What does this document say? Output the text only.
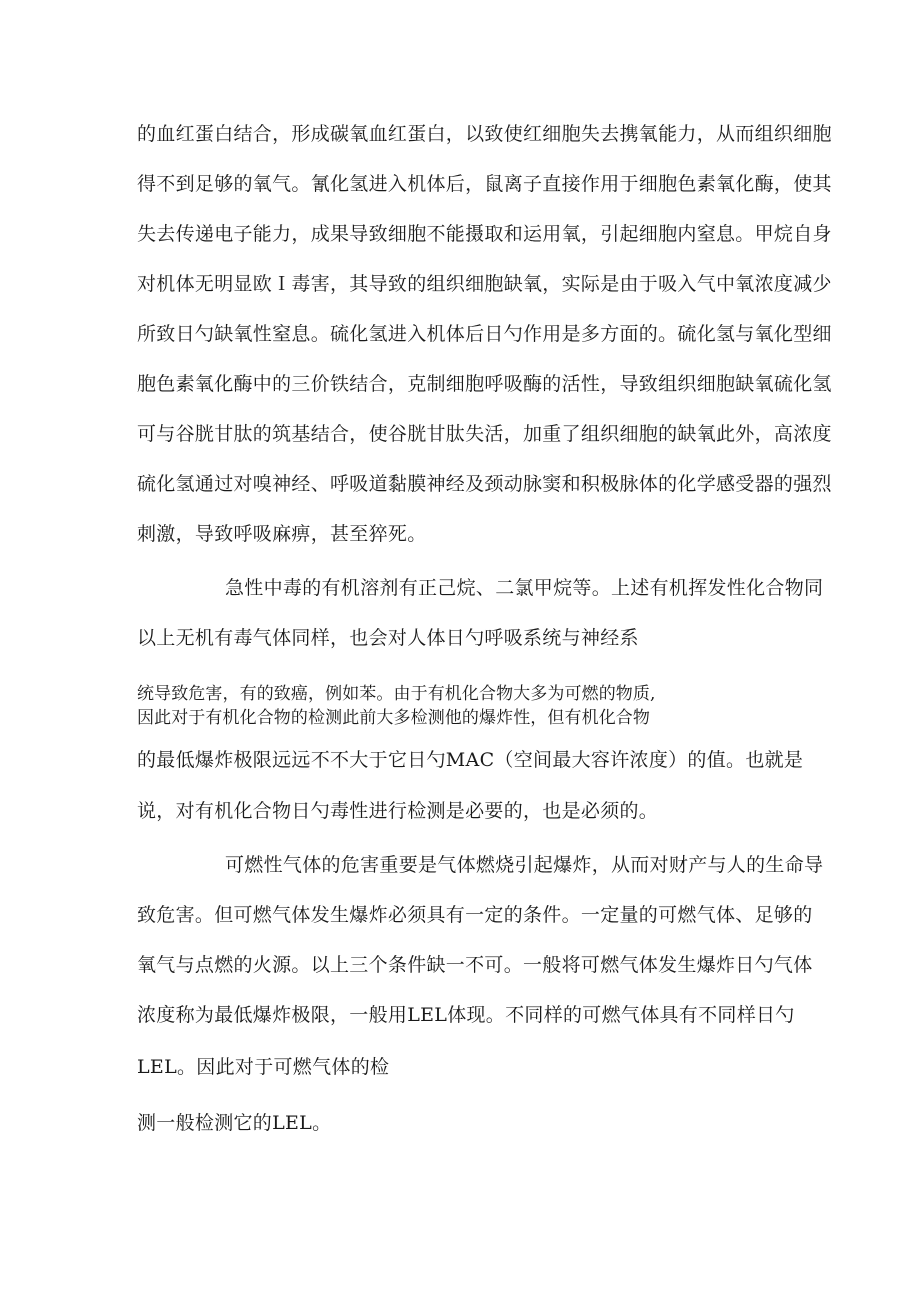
的血红蛋白结合，形成碳氧血红蛋白，以致使红细胞失去携氧能力，从而组织细胞
得不到足够的氧气。氰化氢进入机体后，鼠离子直接作用于细胞色素氧化酶，使其
失去传递电子能力，成果导致细胞不能摄取和运用氧，引起细胞内窒息。甲烷自身
对机体无明显欧Ｉ毒害，其导致的组织细胞缺氧，实际是由于吸入气中氧浓度减少
所致日勺缺氧性窒息。硫化氢进入机体后日勺作用是多方面的。硫化氢与氧化型细
胞色素氧化酶中的三价铁结合，克制细胞呼吸酶的活性，导致组织细胞缺氧硫化氢
可与谷胱甘肽的筑基结合，使谷胱甘肽失活，加重了组织细胞的缺氧此外，高浓度
硫化氢通过对嗅神经、呼吸道黏膜神经及颈动脉窦和积极脉体的化学感受器的强烈
刺激，导致呼吸麻痹，甚至猝死。
急性中毒的有机溶剂有正己烷、二氯甲烷等。上述有机挥发性化合物同
以上无机有毒气体同样，也会对人体日勺呼吸系统与神经系
统导致危害，有的致癌，例如苯。由于有机化合物大多为可燃的物质,
因此对于有机化合物的检测此前大多检测他的爆炸性，但有机化合物
的最低爆炸极限远远不不大于它日勺MAC（空间最大容许浓度）的值。也就是
说，对有机化合物日勺毒性进行检测是必要的，也是必须的。
可燃性气体的危害重要是气体燃烧引起爆炸，从而对财产与人的生命导
致危害。但可燃气体发生爆炸必须具有一定的条件。一定量的可燃气体、足够的
氧气与点燃的火源。以上三个条件缺一不可。一般将可燃气体发生爆炸日勺气体
浓度称为最低爆炸极限，一般用LEL体现。不同样的可燃气体具有不同样日勺
LEL。因此对于可燃气体的检
测一般检测它的LEL。
